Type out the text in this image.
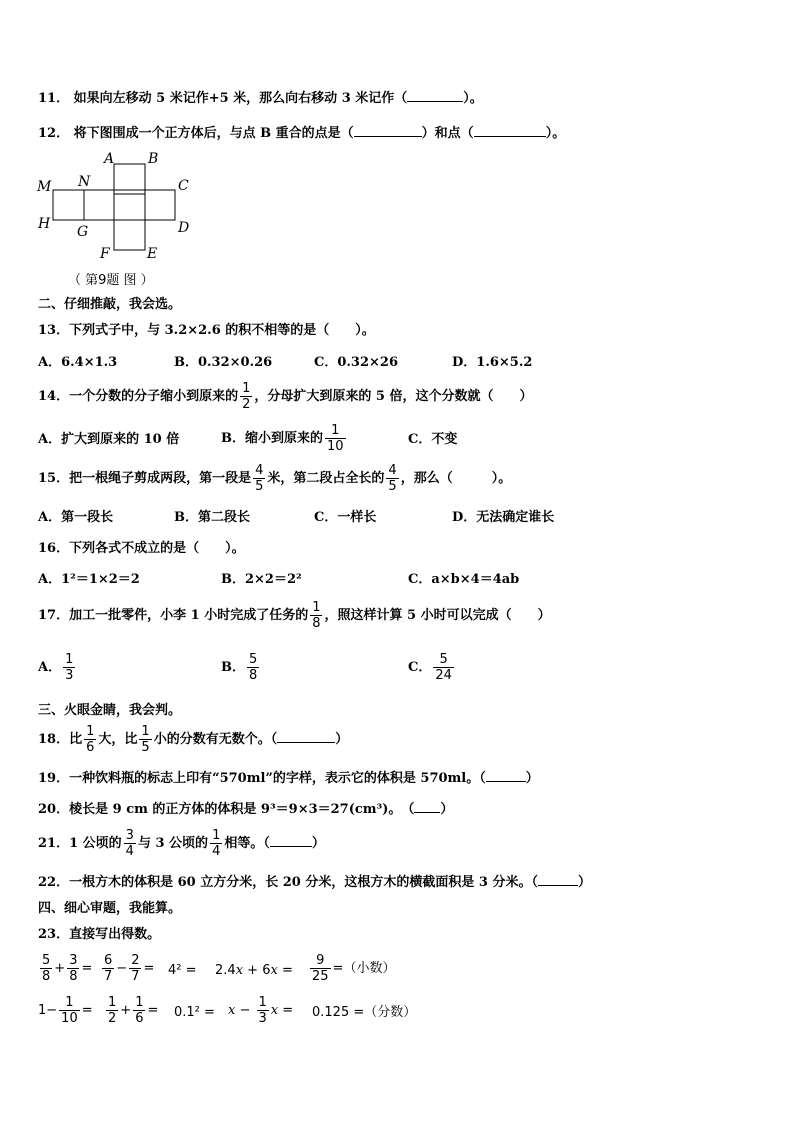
11． 如果向左移动 5 米记作+5 米，那么向右移动 3 米记作（	）。
12． 将下图围成一个正方体后，与点 B 重合的点是（	）和点（	）。
A B
C
D
E
F
G
H
M N
（ 第9题 图 ）
二、仔细推敲，我会选。
13．下列式子中，与 3.2×2.6 的积不相等的是（　　）。
A．6.4×1.3	B．0.32×0.26	C．0.32×26	D．1.6×5.2
14．一个分数的分子缩小到原来的 $\frac{1}{2}$ ，分母扩大到原来的 5 倍，这个分数就（　　）
A．扩大到原来的 10 倍	B．缩小到原来的 $\frac{1}{10}$	C．不变
15．把一根绳子剪成两段，第一段是 $\frac{4}{5}$ 米，第二段占全长的 $\frac{4}{5}$ ，那么（　　　）。
A．第一段长	B．第二段长	C．一样长	D．无法确定谁长
16．下列各式不成立的是（　　）。
A．1²＝1×2＝2	B．2×2＝2²	C．a×b×4＝4ab
17．加工一批零件，小李 1 小时完成了任务的 $\frac{1}{8}$ ，照这样计算 5 小时可以完成（　　）
A． $\frac{1}{3}$	B． $\frac{5}{8}$	C． $\frac{5}{24}$
三、火眼金睛，我会判。
18．比 $\frac{1}{6}$ 大，比 $\frac{1}{5}$ 小的分数有无数个。（	）
19．一种饮料瓶的标志上印有“570ml”的字样，表示它的体积是 570ml。（	）
20．棱长是 9 cm 的正方体的体积是 9³＝9×3＝27(cm³)。　（ ）
21．1 公顷的 $\frac{3}{4}$ 与 3 公顷的 $\frac{1}{4}$ 相等。（	）
22．一根方木的体积是 60 立方分米，长 20 分米，这根方木的横截面积是 3 分米。（	）
四、细心审题，我能算。
23．直接写出得数。
$\frac{5}{8} + \frac{3}{8} = \frac{6}{7} - \frac{2}{7} = 4^2 = 2.4x + 6x = \frac{9}{25}$ =（小数）
$1- \frac{1}{10} = \frac{1}{2} + \frac{1}{6} = 0.1^2 = x - \frac{1}{3}$ x = 0.125 =（分数）
